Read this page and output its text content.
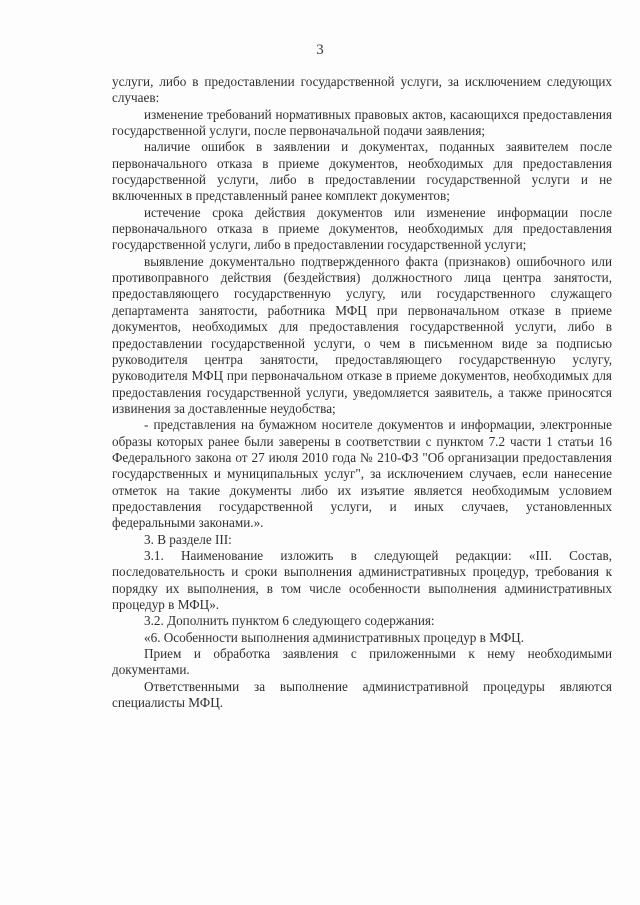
3

услуги, либо в предоставлении государственной услуги, за исключением следующих случаев:

изменение требований нормативных правовых актов, касающихся предоставления государственной услуги, после первоначальной подачи заявления;

наличие ошибок в заявлении и документах, поданных заявителем после первоначального отказа в приеме документов, необходимых для предоставления государственной услуги, либо в предоставлении государственной услуги и не включенных в представленный ранее комплект документов;

истечение срока действия документов или изменение информации после первоначального отказа в приеме документов, необходимых для предоставления государственной услуги, либо в предоставлении государственной услуги;

выявление документально подтвержденного факта (признаков) ошибочного или противоправного действия (бездействия) должностного лица центра занятости, предоставляющего государственную услугу, или государственного служащего департамента занятости, работника МФЦ при первоначальном отказе в приеме документов, необходимых для предоставления государственной услуги, либо в предоставлении государственной услуги, о чем в письменном виде за подписью руководителя центра занятости, предоставляющего государственную услугу, руководителя МФЦ при первоначальном отказе в приеме документов, необходимых для предоставления государственной услуги, уведомляется заявитель, а также приносятся извинения за доставленные неудобства;

- представления на бумажном носителе документов и информации, электронные образы которых ранее были заверены в соответствии с пунктом 7.2 части 1 статьи 16 Федерального закона от 27 июля 2010 года № 210-ФЗ "Об организации предоставления государственных и муниципальных услуг", за исключением случаев, если нанесение отметок на такие документы либо их изъятие является необходимым условием предоставления государственной услуги, и иных случаев, установленных федеральными законами.».

3. В разделе III:

3.1. Наименование изложить в следующей редакции: «III. Состав, последовательность и сроки выполнения административных процедур, требования к порядку их выполнения, в том числе особенности выполнения административных процедур в МФЦ».

3.2. Дополнить пунктом 6 следующего содержания:

«6. Особенности выполнения административных процедур в МФЦ.

Прием и обработка заявления с приложенными к нему необходимыми документами.

Ответственными за выполнение административной процедуры являются специалисты МФЦ.
